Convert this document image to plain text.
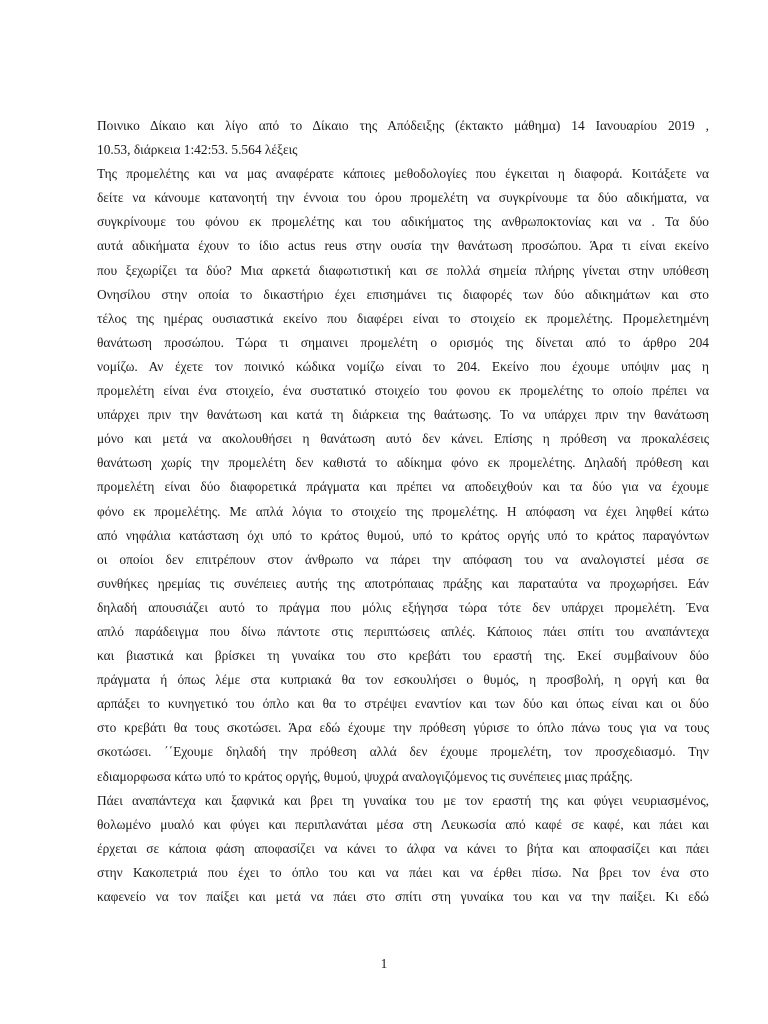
Ποινικο Δίκαιο και λίγο από το Δίκαιο της Απόδειξης (έκτακτο μάθημα) 14 Ιανουαρίου 2019 ,
10.53, διάρκεια 1:42:53. 5.564 λέξεις
Της προμελέτης και να μας αναφέρατε κάποιες μεθοδολογίες που έγκειται η διαφορά. Κοιτάξετε να
δείτε να κάνουμε κατανοητή την έννοια του όρου προμελέτη να συγκρίνουμε τα δύο αδικήματα, να
συγκρίνουμε του φόνου εκ προμελέτης και του αδικήματος της ανθρωποκτονίας και να . Τα δύο
αυτά αδικήματα έχουν το ίδιο actus reus στην ουσία την θανάτωση προσώπου. Άρα τι είναι εκείνο
που ξεχωρίζει τα δύο? Μια αρκετά διαφωτιστική και σε πολλά σημεία πλήρης γίνεται στην υπόθεση
Ονησίλου στην οποία το δικαστήριο έχει επισημάνει τις διαφορές των δύο αδικημάτων και στο
τέλος της ημέρας ουσιαστικά εκείνο που διαφέρει είναι το στοιχείο εκ προμελέτης. Προμελετημένη
θανάτωση προσώπου. Τώρα τι σημαινει προμελέτη ο ορισμός της δίνεται από το άρθρο 204
νομίζω. Αν έχετε τον ποινικό κώδικα νομίζω είναι το 204. Εκείνο που έχουμε υπόψιν μας η
προμελέτη είναι ένα στοιχείο, ένα συστατικό στοιχείο του φονου εκ προμελέτης το οποίο πρέπει να
υπάρχει πριν την θανάτωση και κατά τη διάρκεια της θαάτωσης. Το να υπάρχει πριν την θανάτωση
μόνο και μετά να ακολουθήσει η θανάτωση αυτό δεν κάνει. Επίσης η πρόθεση να προκαλέσεις
θανάτωση χωρίς την προμελέτη δεν καθιστά το αδίκημα φόνο εκ προμελέτης. Δηλαδή πρόθεση και
προμελέτη είναι δύο διαφορετικά πράγματα και πρέπει να αποδειχθούν και τα δύο για να έχουμε
φόνο εκ προμελέτης. Με απλά λόγια το στοιχείο της προμελέτης. Η απόφαση να έχει ληφθεί κάτω
από νηφάλια κατάσταση όχι υπό το κράτος θυμού, υπό το κράτος οργής υπό το κράτος παραγόντων
οι οποίοι δεν επιτρέπουν στον άνθρωπο να πάρει την απόφαση του να αναλογιστεί μέσα σε
συνθήκες ηρεμίας τις συνέπειες αυτής της αποτρόπαιας πράξης και παραταύτα να προχωρήσει. Εάν
δηλαδή απουσιάζει αυτό το πράγμα που μόλις εξήγησα τώρα τότε δεν υπάρχει προμελέτη. Ένα
απλό παράδειγμα που δίνω πάντοτε στις περιπτώσεις απλές. Κάποιος πάει σπίτι του αναπάντεχα
και βιαστικά και βρίσκει τη γυναίκα του στο κρεβάτι του εραστή της. Εκεί συμβαίνουν δύο
πράγματα ή όπως λέμε στα κυπριακά θα τον εσκουλήσει ο θυμός, η προσβολή, η οργή και θα
αρπάξει το κυνηγετικό του όπλο και θα το στρέψει εναντίον και των δύο και όπως είναι και οι δύο
στο κρεβάτι θα τους σκοτώσει. Άρα εδώ έχουμε την πρόθεση γύρισε το όπλο πάνω τους για να τους
σκοτώσει. ΄΄Εχουμε δηλαδή την πρόθεση αλλά δεν έχουμε προμελέτη, τον προσχεδιασμό. Την
εδιαμορφωσα κάτω υπό το κράτος οργής, θυμού, ψυχρά αναλογιζόμενος τις συνέπειες μιας πράξης.
Πάει αναπάντεχα και ξαφνικά και βρει τη γυναίκα του με τον εραστή της και φύγει νευριασμένος,
θολωμένο μυαλό και φύγει και περιπλανάται μέσα στη Λευκωσία από καφέ σε καφέ, και πάει και
έρχεται σε κάποια φάση αποφασίζει να κάνει το άλφα να κάνει το βήτα και αποφασίζει και πάει
στην Κακοπετριά που έχει το όπλο του και να πάει και να έρθει πίσω. Να βρει τον ένα στο
καφενείο να τον παίξει και μετά να πάει στο σπίτι στη γυναίκα του και να την παίξει. Κι εδώ
1
